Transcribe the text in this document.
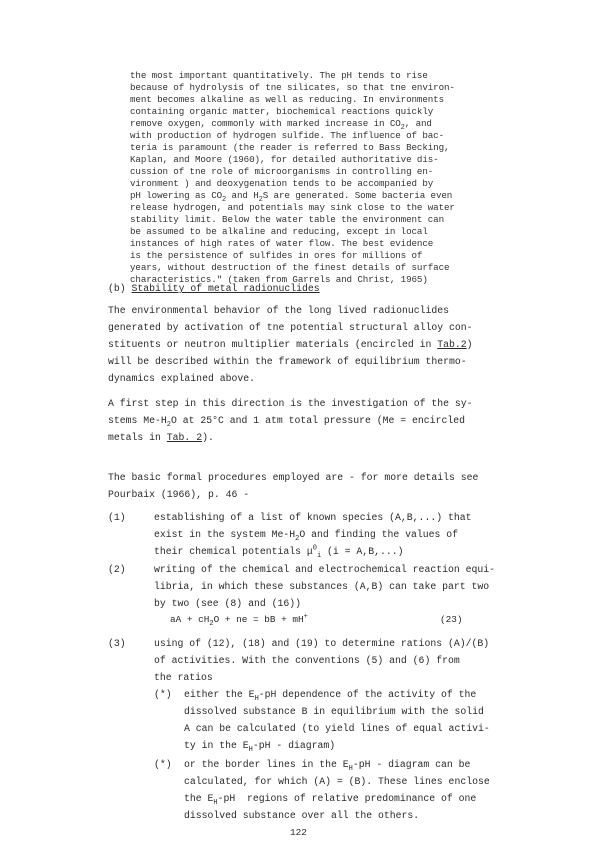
the most important quantitatively. The pH tends to rise
because of hydrolysis of tne silicates, so that tne environ-
ment becomes alkaline as well as reducing. In environments
containing organic matter, biochemical reactions quickly
remove oxygen, commonly with marked increase in $CO_2$, and
with production of hydrogen sulfide. The influence of bac-
teria is paramount (the reader is referred to Bass Becking,
Kaplan, and Moore (1960), for detailed authoritative dis-
cussion of tne role of microorganisms in controlling en-
vironment ) and deoxygenation tends to be accompanied by
pH lowering as $CO_2$ and $H_2S$ are generated. Some bacteria even
release hydrogen, and potentials may sink close to the water
stability limit. Below the water table the environment can
be assumed to be alkaline and reducing, except in local
instances of high rates of water flow. The best evidence
is the persistence of sulfides in ores for millions of
years, without destruction of the finest details of surface
characteristics." (taken from Garrels and Christ, 1965)
(b) Stability of metal radionuclides
The environmental behavior of the long lived radionuclides
generated by activation of tne potential structural alloy con-
stituents or neutron multiplier materials (encircled in Tab.2)
will be described within the framework of equilibrium thermo-
dynamics explained above.
A first step in this direction is the investigation of the sy-
stems $Me-H_2O$ at 25°C and 1 atm total pressure (Me = encircled
metals in Tab. 2).
The basic formal procedures employed are - for more details see
Pourbaix (1966), p. 46 -
(1)	establishing of a list of known species (A,B,...) that
exist in the system $Me-H_2O$ and finding the values of
their chemical potentials $\mu^0_i$ (i = A,B,...)
(2)	writing of the chemical and electrochemical reaction equi-
libria, in which these substances (A,B) can take part two
by two (see (8) and (16))
aA + $cH_2O$ + ne = bB + mH+	(23)
(3)	using of (12), (18) and (19) to determine rations (A)/(B)
of activities. With the conventions (5) and (6) from
the ratios
(*) either the $E_H-pH$ dependence of the activity of the
dissolved substance B in equilibrium with the solid
A can be calculated (to yield lines of equal activi-
ty in the $E_H-pH$ - diagram)
(*) or the border lines in the $E_H-pH$ - diagram can be
calculated, for which (A) = (B). These lines enclose
the $E_H-pH$  regions of relative predominance of one
dissolved substance over all the others.
122
